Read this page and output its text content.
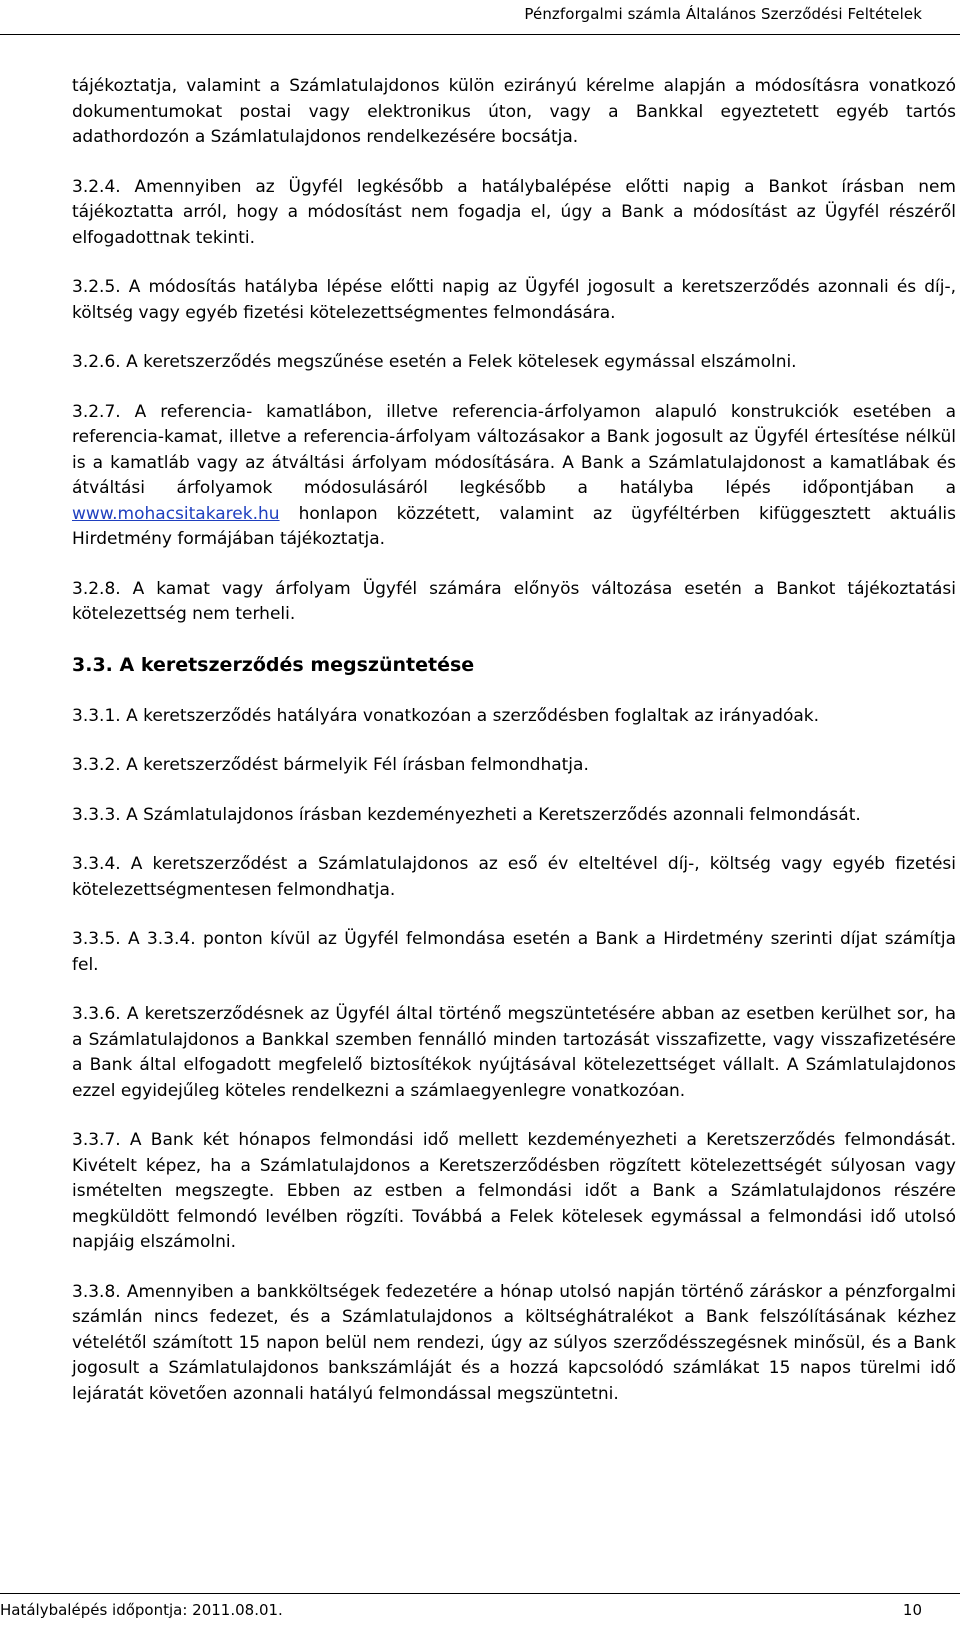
Pénzforgalmi számla Általános Szerződési Feltételek

tájékoztatja, valamint a Számlatulajdonos külön ezirányú kérelme alapján a módosításra vonatkozó dokumentumokat postai vagy elektronikus úton, vagy a Bankkal egyeztetett egyéb tartós adathordozón a Számlatulajdonos rendelkezésére bocsátja.

3.2.4. Amennyiben az Ügyfél legkésőbb a hatálybalépése előtti napig a Bankot írásban nem tájékoztatta arról, hogy a módosítást nem fogadja el, úgy a Bank a módosítást az Ügyfél részéről elfogadottnak tekinti.

3.2.5. A módosítás hatályba lépése előtti napig az Ügyfél jogosult a keretszerződés azonnali és díj-, költség vagy egyéb fizetési kötelezettségmentes felmondására.

3.2.6. A keretszerződés megszűnése esetén a Felek kötelesek egymással elszámolni.

3.2.7. A referencia- kamatlábon, illetve referencia-árfolyamon alapuló konstrukciók esetében a referencia-kamat, illetve a referencia-árfolyam változásakor a Bank jogosult az Ügyfél értesítése nélkül is a kamatláb vagy az átváltási árfolyam módosítására. A Bank a Számlatulajdonost a kamatlábak és átváltási árfolyamok módosulásáról legkésőbb a hatályba lépés időpontjában a www.mohacsitakarek.hu honlapon közzétett, valamint az ügyféltérben kifüggesztett aktuális Hirdetmény formájában tájékoztatja.

3.2.8. A kamat vagy árfolyam Ügyfél számára előnyös változása esetén a Bankot tájékoztatási kötelezettség nem terheli.

3.3. A keretszerződés megszüntetése

3.3.1. A keretszerződés hatályára vonatkozóan a szerződésben foglaltak az irányadóak.

3.3.2. A keretszerződést bármelyik Fél írásban felmondhatja.

3.3.3. A Számlatulajdonos írásban kezdeményezheti a Keretszerződés azonnali felmondását.

3.3.4. A keretszerződést a Számlatulajdonos az eső év elteltével díj-, költség vagy egyéb fizetési kötelezettségmentesen felmondhatja.

3.3.5. A 3.3.4. ponton kívül az Ügyfél felmondása esetén a Bank a Hirdetmény szerinti díjat számítja fel.

3.3.6. A keretszerződésnek az Ügyfél által történő megszüntetésére abban az esetben kerülhet sor, ha a Számlatulajdonos a Bankkal szemben fennálló minden tartozását visszafizette, vagy visszafizetésére a Bank által elfogadott megfelelő biztosítékok nyújtásával kötelezettséget vállalt. A Számlatulajdonos ezzel egyidejűleg köteles rendelkezni a számlaegyenlegre vonatkozóan.

3.3.7. A Bank két hónapos felmondási idő mellett kezdeményezheti a Keretszerződés felmondását. Kivételt képez, ha a Számlatulajdonos a Keretszerződésben rögzített kötelezettségét súlyosan vagy ismételten megszegte. Ebben az estben a felmondási időt a Bank a Számlatulajdonos részére megküldött felmondó levélben rögzíti. Továbbá a Felek kötelesek egymással a felmondási idő utolsó napjáig elszámolni.

3.3.8. Amennyiben a bankköltségek fedezetére a hónap utolsó napján történő záráskor a pénzforgalmi számlán nincs fedezet, és a Számlatulajdonos a költséghátralékot a Bank felszólításának kézhez vételétől számított 15 napon belül nem rendezi, úgy az súlyos szerződésszegésnek minősül, és a Bank jogosult a Számlatulajdonos bankszámláját és a hozzá kapcsolódó számlákat 15 napos türelmi idő lejáratát követően azonnali hatályú felmondással megszüntetni.

Hatálybalépés időpontja: 2011.08.01.	10
